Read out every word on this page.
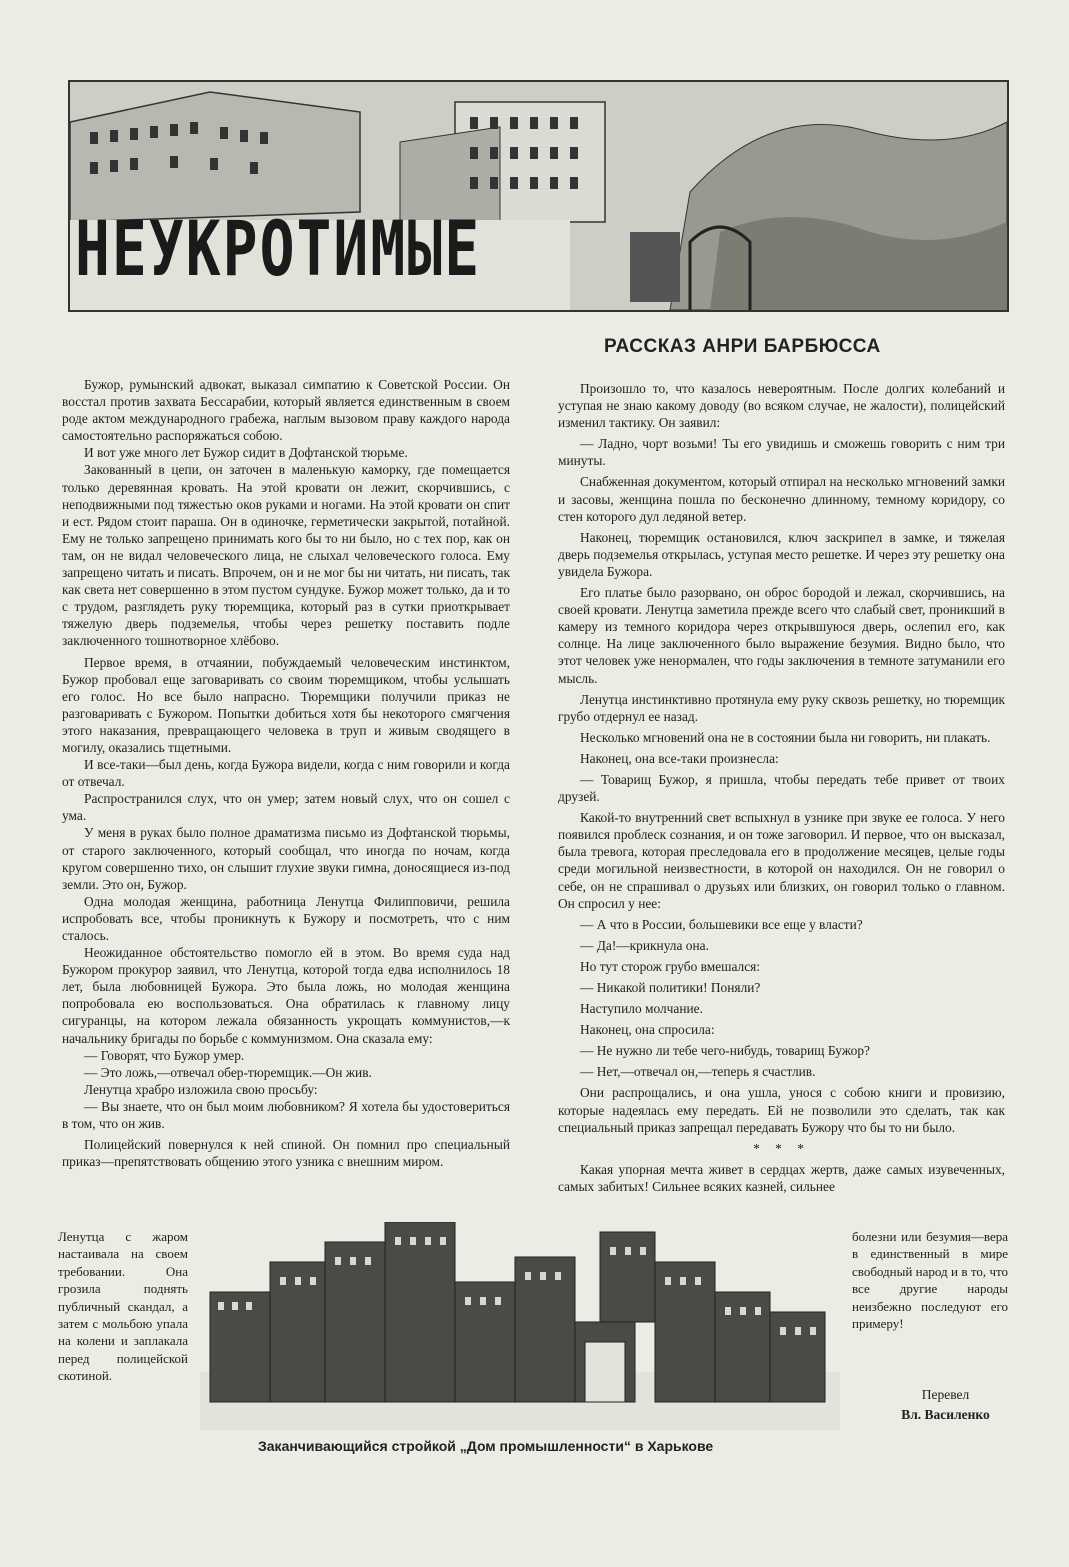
НЕУКРОТИМЫЕ
РАССКАЗ АНРИ БАРБЮССА

Бужор, румынский адвокат, выказал симпатию к Советской России. Он восстал против захвата Бессарабии, который является единственным в своем роде актом международного грабежа, наглым вызовом праву каждого народа самостоятельно распоряжаться собою.

И вот уже много лет Бужор сидит в Дофтанской тюрьме.

Закованный в цепи, он заточен в маленькую каморку, где помещается только деревянная кровать. На этой кровати он лежит, скорчившись, с неподвижными под тяжестью оков руками и ногами. На этой кровати он спит и ест. Рядом стоит параша. Он в одиночке, герметически закрытой, потайной. Ему не только запрещено принимать кого бы то ни было, но с тех пор, как он там, он не видал человеческого лица, не слыхал человеческого голоса. Ему запрещено читать и писать. Впрочем, он и не мог бы ни читать, ни писать, так как света нет совершенно в этом пустом сундуке. Бужор может только, да и то с трудом, разглядеть руку тюремщика, который раз в сутки приоткрывает тяжелую дверь подземелья, чтобы через решетку поставить подле заключенного тошнотворное хлёбово.

Первое время, в отчаянии, побуждаемый человеческим инстинктом, Бужор пробовал еще заговаривать со своим тюремщиком, чтобы услышать его голос. Но все было напрасно. Тюремщики получили приказ не разговаривать с Бужором. Попытки добиться хотя бы некоторого смягчения этого наказания, превращающего человека в труп и живым сводящего в могилу, оказались тщетными.

И все-таки—был день, когда Бужора видели, когда с ним говорили и когда от отвечал.

Распространился слух, что он умер; затем новый слух, что он сошел с ума.

У меня в руках было полное драматизма письмо из Дофтанской тюрьмы, от старого заключенного, который сообщал, что иногда по ночам, когда кругом совершенно тихо, он слышит глухие звуки гимна, доносящиеся из-под земли. Это он, Бужор.

Одна молодая женщина, работница Ленутца Филипповичи, решила испробовать все, чтобы проникнуть к Бужору и посмотреть, что с ним сталось.

Неожиданное обстоятельство помогло ей в этом. Во время суда над Бужором прокурор заявил, что Ленутца, которой тогда едва исполнилось 18 лет, была любовницей Бужора. Это была ложь, но молодая женщина попробовала ею воспользоваться. Она обратилась к главному лицу сигуранцы, на котором лежала обязанность укрощать коммунистов,—к начальнику бригады по борьбе с коммунизмом. Она сказала ему:

— Говорят, что Бужор умер.

— Это ложь,—отвечал обер-тюремщик.—Он жив.

Ленутца храбро изложила свою просьбу:

— Вы знаете, что он был моим любовником? Я хотела бы удостовериться в том, что он жив.

Полицейский повернулся к ней спиной. Он помнил про специальный приказ—препятствовать общению этого узника с внешним миром.

Произошло то, что казалось невероятным. После долгих колебаний и уступая не знаю какому доводу (во всяком случае, не жалости), полицейский изменил тактику. Он заявил:

— Ладно, чорт возьми! Ты его увидишь и сможешь говорить с ним три минуты.

Снабженная документом, который отпирал на несколько мгновений замки и засовы, женщина пошла по бесконечно длинному, темному коридору, со стен которого дул ледяной ветер.

Наконец, тюремщик остановился, ключ заскрипел в замке, и тяжелая дверь подземелья открылась, уступая место решетке. И через эту решетку она увидела Бужора.

Его платье было разорвано, он оброс бородой и лежал, скорчившись, на своей кровати. Ленутца заметила прежде всего что слабый свет, проникший в камеру из темного коридора через открывшуюся дверь, ослепил его, как солнце. На лице заключенного было выражение безумия. Видно было, что этот человек уже ненормален, что годы заключения в темноте затуманили его мысль.

Ленутца инстинктивно протянула ему руку сквозь решетку, но тюремщик грубо отдернул ее назад.

Несколько мгновений она не в состоянии была ни говорить, ни плакать.

Наконец, она все-таки произнесла:

— Товарищ Бужор, я пришла, чтобы передать тебе привет от твоих друзей.

Какой-то внутренний свет вспыхнул в узнике при звуке ее голоса. У него появился проблеск сознания, и он тоже заговорил. И первое, что он высказал, была тревога, которая преследовала его в продолжение месяцев, целые годы среди могильной неизвестности, в которой он находился. Он не говорил о себе, он не спрашивал о друзьях или близких, он говорил только о главном. Он спросил у нее:

— А что в России, большевики все еще у власти?

— Да!—крикнула она.

Но тут сторож грубо вмешался:

— Никакой политики! Поняли?

Наступило молчание.

Наконец, она спросила:

— Не нужно ли тебе чего-нибудь, товарищ Бужор?

— Нет,—отвечал он,—теперь я счастлив.

Они распрощались, и она ушла, унося с собою книги и провизию, которые надеялась ему передать. Ей не позволили это сделать, так как специальный приказ запрещал передавать Бужору что бы то ни было.

* * *

Какая упорная мечта живет в сердцах жертв, даже самых изувеченных, самых забитых! Сильнее всяких казней, сильнее

Ленутца с жаром настаивала на своем требовании. Она грозила поднять публичный скандал, а затем с мольбою упала на колени и заплакала перед полицейской скотиной.
болезни или безумия—вера в единственный в мире свободный народ и в то, что все другие народы неизбежно последуют его примеру!
Перевел
Вл. Василенко
Заканчивающийся стройкой „Дом промышленности“ в Харькове
